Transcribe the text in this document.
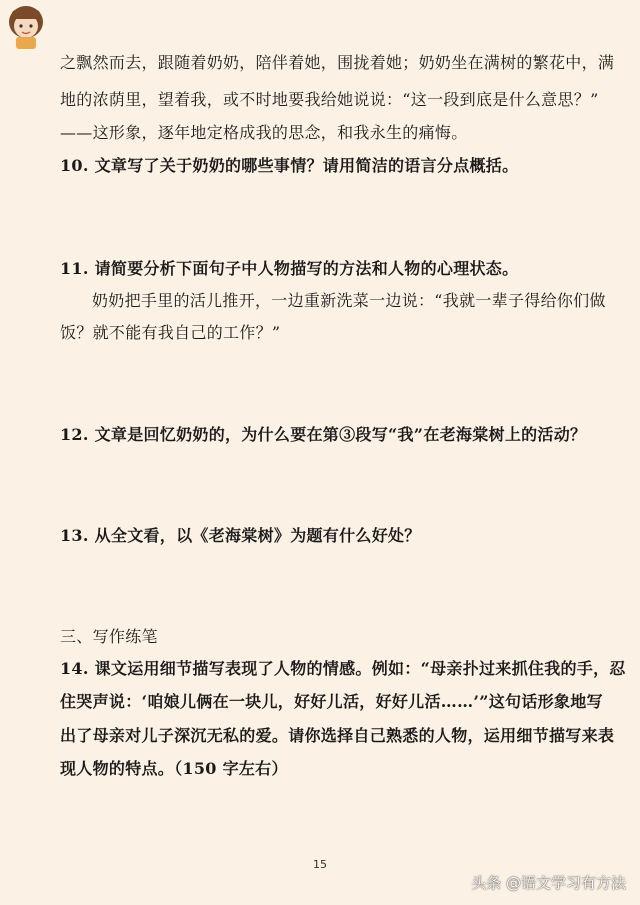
之飘然而去，跟随着奶奶，陪伴着她，围拢着她；奶奶坐在满树的繁花中，满
地的浓荫里，望着我，或不时地要我给她说说：“这一段到底是什么意思？”
——这形象，逐年地定格成我的思念，和我永生的痛悔。
10. 文章写了关于奶奶的哪些事情？请用简洁的语言分点概括。
11. 请简要分析下面句子中人物描写的方法和人物的心理状态。
奶奶把手里的活儿推开，一边重新洗菜一边说：“我就一辈子得给你们做
饭？就不能有我自己的工作？”
12. 文章是回忆奶奶的，为什么要在第③段写“我”在老海棠树上的活动？
13. 从全文看，以《老海棠树》为题有什么好处？
三、写作练笔
14. 课文运用细节描写表现了人物的情感。例如：“母亲扑过来抓住我的手，忍
住哭声说：‘咱娘儿俩在一块儿，好好儿活，好好儿活……’”这句话形象地写
出了母亲对儿子深沉无私的爱。请你选择自己熟悉的人物，运用细节描写来表
现人物的特点。（150 字左右）
15
头条 @语文学习有方法
